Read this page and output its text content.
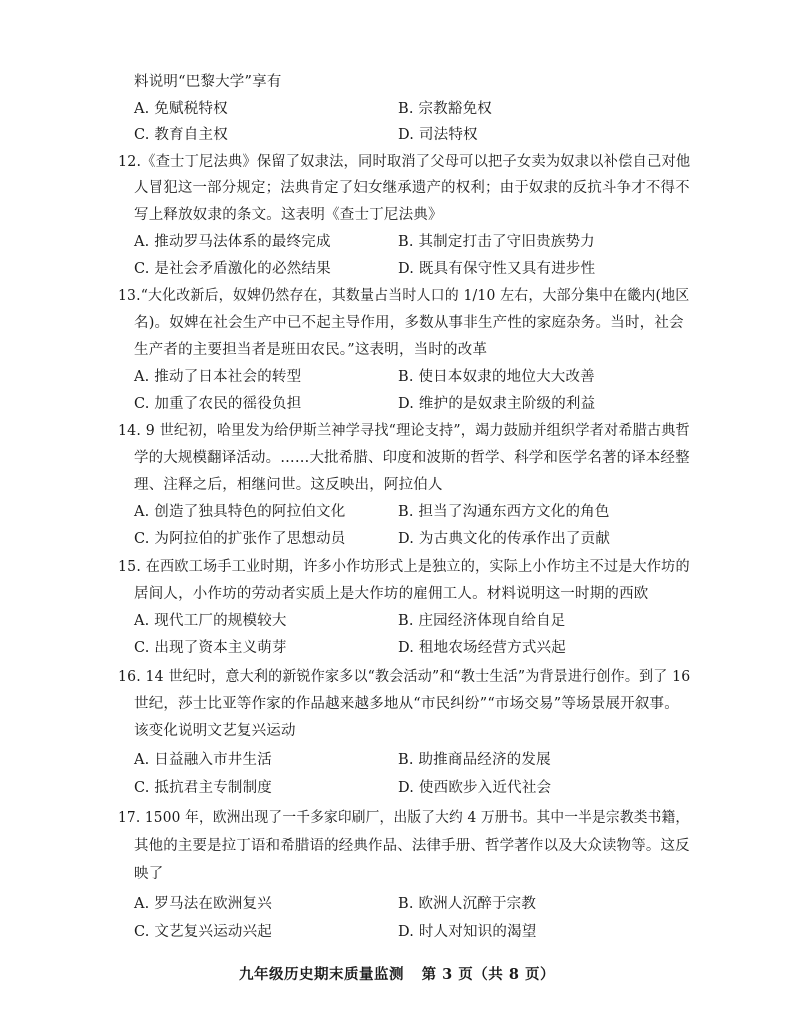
料说明“巴黎大学”享有
A. 免赋税特权	B. 宗教豁免权
C. 教育自主权	D. 司法特权
12.《查士丁尼法典》保留了奴隶法，同时取消了父母可以把子女卖为奴隶以补偿自己对他
人冒犯这一部分规定；法典肯定了妇女继承遗产的权利；由于奴隶的反抗斗争才不得不
写上释放奴隶的条文。这表明《查士丁尼法典》
A. 推动罗马法体系的最终完成	B. 其制定打击了守旧贵族势力
C. 是社会矛盾激化的必然结果	D. 既具有保守性又具有进步性
13.“大化改新后，奴婢仍然存在，其数量占当时人口的 1/10 左右，大部分集中在畿内(地区
名)。奴婢在社会生产中已不起主导作用，多数从事非生产性的家庭杂务。当时，社会
生产者的主要担当者是班田农民。”这表明，当时的改革
A. 推动了日本社会的转型	B. 使日本奴隶的地位大大改善
C. 加重了农民的徭役负担	D. 维护的是奴隶主阶级的利益
14. 9 世纪初，哈里发为给伊斯兰神学寻找“理论支持”，竭力鼓励并组织学者对希腊古典哲
学的大规模翻译活动。……大批希腊、印度和波斯的哲学、科学和医学名著的译本经整
理、注释之后，相继问世。这反映出，阿拉伯人
A. 创造了独具特色的阿拉伯文化	B. 担当了沟通东西方文化的角色
C. 为阿拉伯的扩张作了思想动员	D. 为古典文化的传承作出了贡献
15. 在西欧工场手工业时期，许多小作坊形式上是独立的，实际上小作坊主不过是大作坊的
居间人，小作坊的劳动者实质上是大作坊的雇佣工人。材料说明这一时期的西欧
A. 现代工厂的规模较大	B. 庄园经济体现自给自足
C. 出现了资本主义萌芽	D. 租地农场经营方式兴起
16. 14 世纪时，意大利的新锐作家多以“教会活动”和“教士生活”为背景进行创作。到了 16
世纪，莎士比亚等作家的作品越来越多地从“市民纠纷”“市场交易”等场景展开叙事。
该变化说明文艺复兴运动
A. 日益融入市井生活	B. 助推商品经济的发展
C. 抵抗君主专制制度	D. 使西欧步入近代社会
17. 1500 年，欧洲出现了一千多家印刷厂，出版了大约 4 万册书。其中一半是宗教类书籍，
其他的主要是拉丁语和希腊语的经典作品、法律手册、哲学著作以及大众读物等。这反
映了
A. 罗马法在欧洲复兴	B. 欧洲人沉醉于宗教
C. 文艺复兴运动兴起	D. 时人对知识的渴望
九年级历史期末质量监测 第 3 页（共 8 页）
